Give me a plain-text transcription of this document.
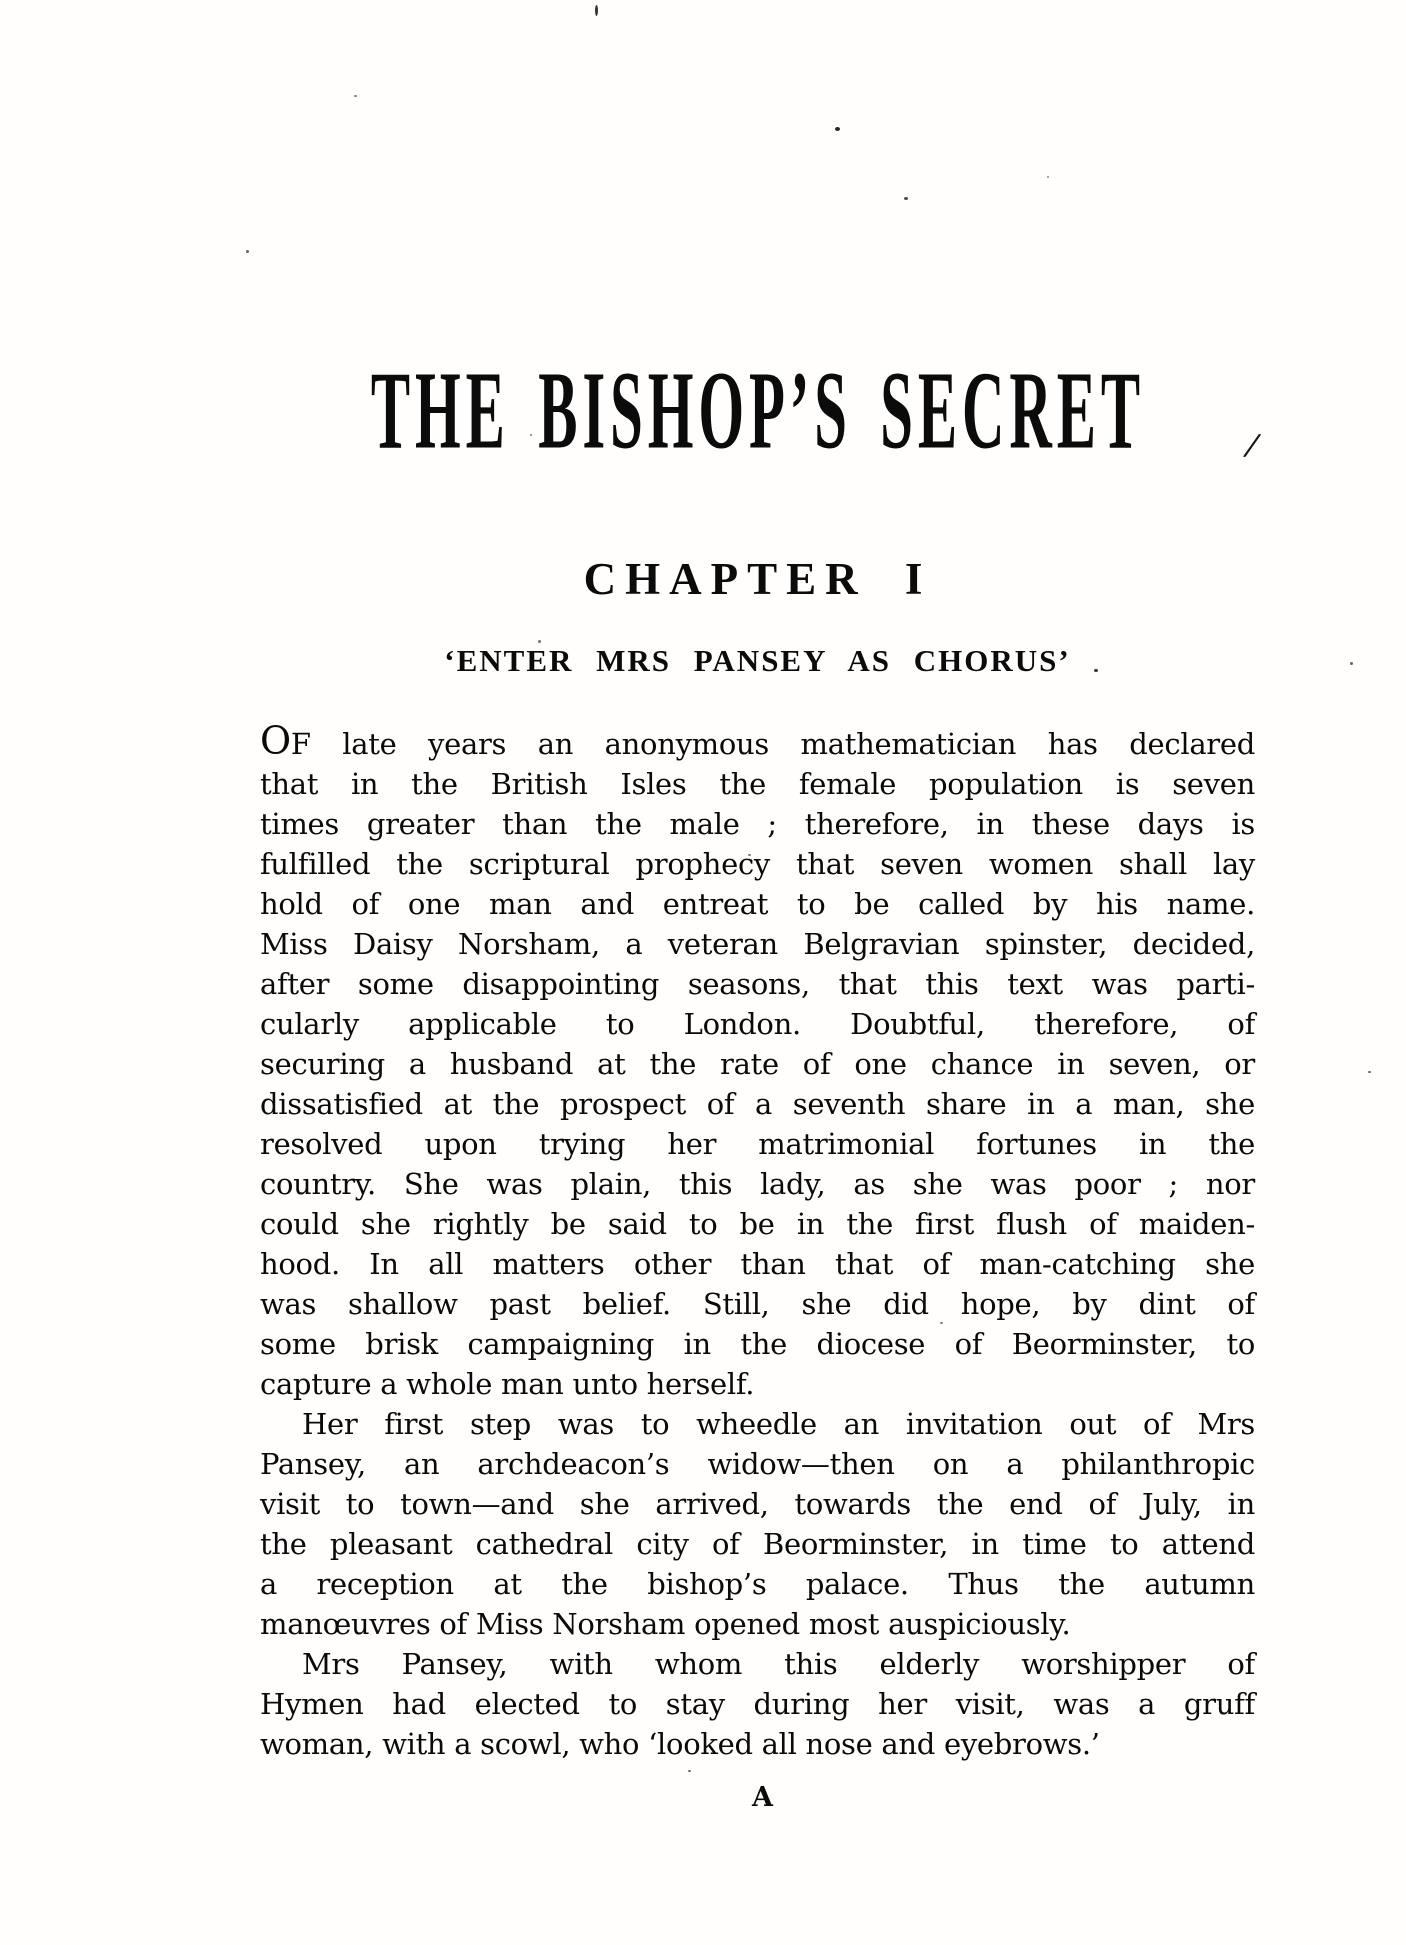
THE BISHOP’S SECRET	/
CHAPTER I
‘ENTER MRS PANSEY AS CHORUS’
OF late years an anonymous mathematician has declared
that in the British Isles the female population is seven
times greater than the male ; therefore, in these days is
fulfilled the scriptural prophecy that seven women shall lay
hold of one man and entreat to be called by his name.
Miss Daisy Norsham, a veteran Belgravian spinster, decided,
after some disappointing seasons, that this text was parti-
cularly applicable to London. Doubtful, therefore, of
securing a husband at the rate of one chance in seven, or
dissatisfied at the prospect of a seventh share in a man, she
resolved upon trying her matrimonial fortunes in the
country. She was plain, this lady, as she was poor ; nor
could she rightly be said to be in the first flush of maiden-
hood. In all matters other than that of man-catching she
was shallow past belief. Still, she did hope, by dint of
some brisk campaigning in the diocese of Beorminster, to
capture a whole man unto herself.
Her first step was to wheedle an invitation out of Mrs
Pansey, an archdeacon’s widow—then on a philanthropic
visit to town—and she arrived, towards the end of July, in
the pleasant cathedral city of Beorminster, in time to attend
a reception at the bishop’s palace. Thus the autumn
manœuvres of Miss Norsham opened most auspiciously.
Mrs Pansey, with whom this elderly worshipper of
Hymen had elected to stay during her visit, was a gruff
woman, with a scowl, who ‘looked all nose and eyebrows.’
A
